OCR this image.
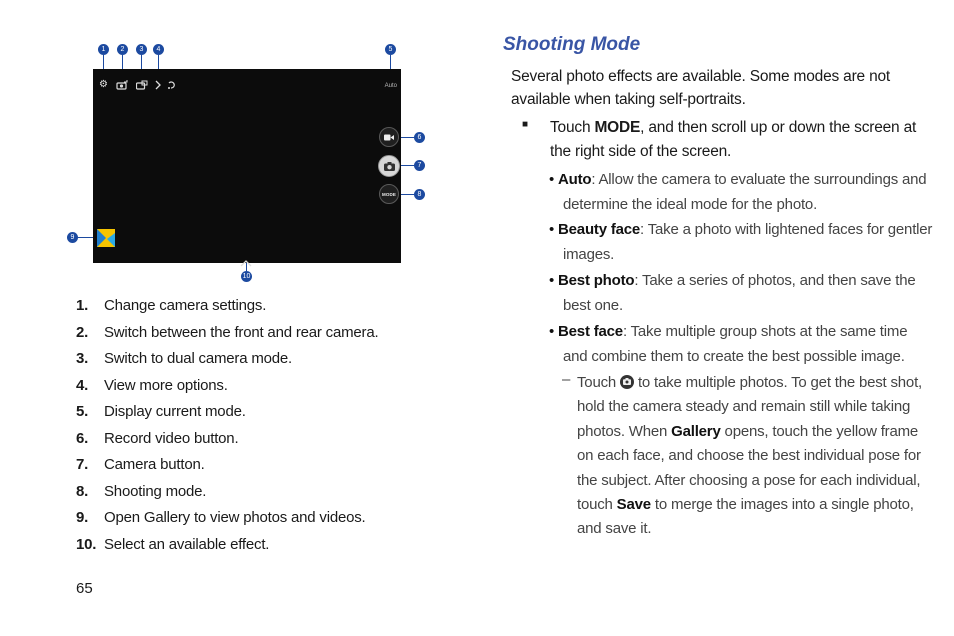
1	2	3	4	5
6
7
8
9
10
⚙	Auto
MODE
1. Change camera settings.
2. Switch between the front and rear camera.
3. Switch to dual camera mode.
4. View more options.
5. Display current mode.
6. Record video button.
7. Camera button.
8. Shooting mode.
9. Open Gallery to view photos and videos.
10. Select an available effect.
65
Shooting Mode
Several photo effects are available. Some modes are not available when taking self-portraits.
■ Touch MODE, and then scroll up or down the screen at the right side of the screen.
• Auto: Allow the camera to evaluate the surroundings and determine the ideal mode for the photo.
• Beauty face: Take a photo with lightened faces for gentler images.
• Best photo: Take a series of photos, and then save the best one.
• Best face: Take multiple group shots at the same time and combine them to create the best possible image.
– Touch
to take multiple photos. To get the best shot, hold the camera steady and remain still while taking photos. When Gallery opens, touch the yellow frame on each face, and choose the best individual pose for the subject. After choosing a pose for each individual, touch Save to merge the images into a single photo, and save it.
